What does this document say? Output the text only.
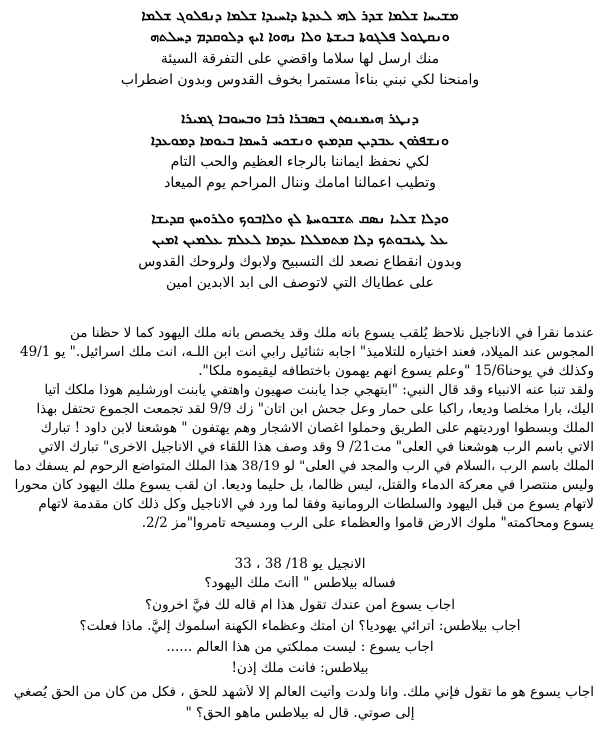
ܡܫܝܚܐ ܫܠܡܐ ܫܕܪ ܠܗܝ ܠܥܕܬܐ ܕܐܚܝܕܐ ܫܠܡܐ ܕܢܦܠܘܓ ܫܠܡܐ
ܘܢܩܛܘܠ ܦܠܓܘܬܐ ܒܝܫܬܐ ܘܠܐ ܢܗܘܐ ܐܝܟ ܕܠܘܩܕܡ ܕܚܠܬܗ
منك ارسل لها سلاما واقضي على التفرقة السيئة
وامنحنا لكي نبني بناءاً مستمرا بخوف القدوس وبدون اضطراب
ܕܢܛܪ ܗܝܡܢܘܬܢ ܒܣܒܪܐ ܪܒܐ ܘܒܚܘܒܐ ܓܡܝܪܐ
ܘܢܫܦܪܘܢ ܥܒܕܝܢ ܩܕܡܝܟ ܘܢܫܟܚ ܪܚܡܐ ܒܝܘܡܐ ܕܡܘܥܕܐ
لكي نحفظ ايماننا بالرجاء العظيم والحب التام
وتطيب اعمالنا امامك وننال المراحم يوم الميعاد
ܘܕܠܐ ܫܠܝܐ ܢܣܩ ܬܫܒܘܚܬܐ ܠܟ ܘܠܐܒܘܟ ܘܠܪܘܚܟ ܩܕܝܫܐ
ܥܠ ܛܝܒܘܬܟ ܕܠܐ ܡܬܡܠܠܐ ܥܕܡܐ ܠܥܠܡ ܥܠܡܝܢ ܐܡܝܢ
وبدون انقطاع نصعد لك التسبيح ولابوك ولروحك القدوس
على عطاياك التي لاتوصف الى ابد الابدين امين
عندما نقرأ في الاناجيل نلاحظ يُلقب يسوع بانه ملك وقد يخصص بانه ملك اليهود كما لا حظنا من
المجوس عند الميلاد، فعند اختياره للتلاميذ" اجابه نثنائيل رابي أنت ابن اللـه، انت ملك اسرائيل." يو 49/1
وكذلك في يوحنا15/6 "وعلم يسوع انهم يهمون باختطافه ليقيموه ملكاً".
ولقد تنبأ عنه الانبياء وقد قال النبي: "ابتهجي جدا يابنت صهيون واهتفي يابنت اورشليم هوذا ملكك أتيا
اليك، بارا مخلصا وديعا، راكبا على حمار وعل جحش ابن آتان" زك 9/9 لقد تجمعت الجموع تحتفل بهذا
الملك وبسطوا اورديتهم على الطريق وحملوا اغصان الاشجار وهم يهتفون " هوشعنا لابن داود ! تبارك
الاتي باسم الرب هوشعنا في العلى" مت21/ 9 وقد وصف هذا اللقاء في الاناجيل الاخرى" تبارك الاتي
الملك باسم الرب ،السلام في الرب والمجد في العلى" لو 38/19 هذا الملك المتواضع الرحوم لم يسفك دماً
وليس منتصرا في معركة الدماء والقتل، ليس ظالماً، بل حليما وديعا. ان لقب يسوع ملك اليهود كان محورا
لاتهام يسوع من قبل اليهود والسلطات الرومانية وفقا لما ورد في الاناجيل وكل ذلك كان مقدمة لاتهام
يسوع ومحاكمته" ملوك الارض قاموا والعظماء على الرب ومسيحه تآمروا"مز 2/2.
الانجيل يو 18/ 38 ، 33
فسأله بيلاطس " أأنتَ ملك اليهود؟
اجاب يسوع أمن عندك تقول هذا ام قاله لك فيَّ اخرون؟
أجاب بيلاطس: أترائي يهوديا؟ ان أمتك وعظماء الكهنة أسلموك إليَّ. ماذا فعلت؟
اجاب يسوع : ليست مملكتي من هذا العالم ......
بيلاطس: فأنت ملك إذن!
اجاب يسوع هو ما تقول فإني ملك. وانا ولدت وأتيت العالم إلا لأشهد للحق ، فكل من كان من الحق يُصغي
إلى صوتي. قال له بيلاطس ماهو الحق؟ "
